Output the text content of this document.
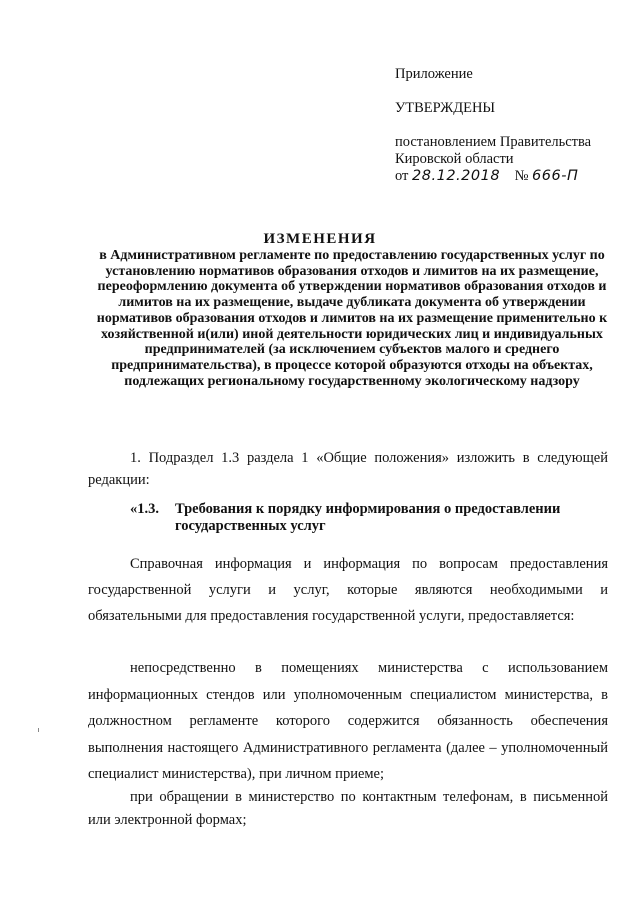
Приложение
УТВЕРЖДЕНЫ
постановлением Правительства
Кировской области
от 28.12.2018 № 666-П
ИЗМЕНЕНИЯ
в Административном регламенте по предоставлению государственных услуг по установлению нормативов образования отходов и лимитов на их размещение, переоформлению документа об утверждении нормативов образования отходов и лимитов на их размещение, выдаче дубликата документа об утверждении нормативов образования отходов и лимитов на их размещение применительно к хозяйственной и(или) иной деятельности юридических лиц и индивидуальных предпринимателей (за исключением субъектов малого и среднего предпринимательства), в процессе которой образуются отходы на объектах, подлежащих региональному государственному экологическому надзору
1. Подраздел 1.3 раздела 1 «Общие положения» изложить в следующей редакции:
«1.3. Требования к порядку информирования о предоставлении
государственных услуг
Справочная информация и информация по вопросам предоставления государственной услуги и услуг, которые являются необходимыми и обязательными для предоставления государственной услуги, предоставляется:
непосредственно в помещениях министерства с использованием информационных стендов или уполномоченным специалистом министерства, в должностном регламенте которого содержится обязанность обеспечения выполнения настоящего Административного регламента (далее – уполномоченный специалист министерства), при личном приеме;
при обращении в министерство по контактным телефонам, в письменной или электронной формах;
